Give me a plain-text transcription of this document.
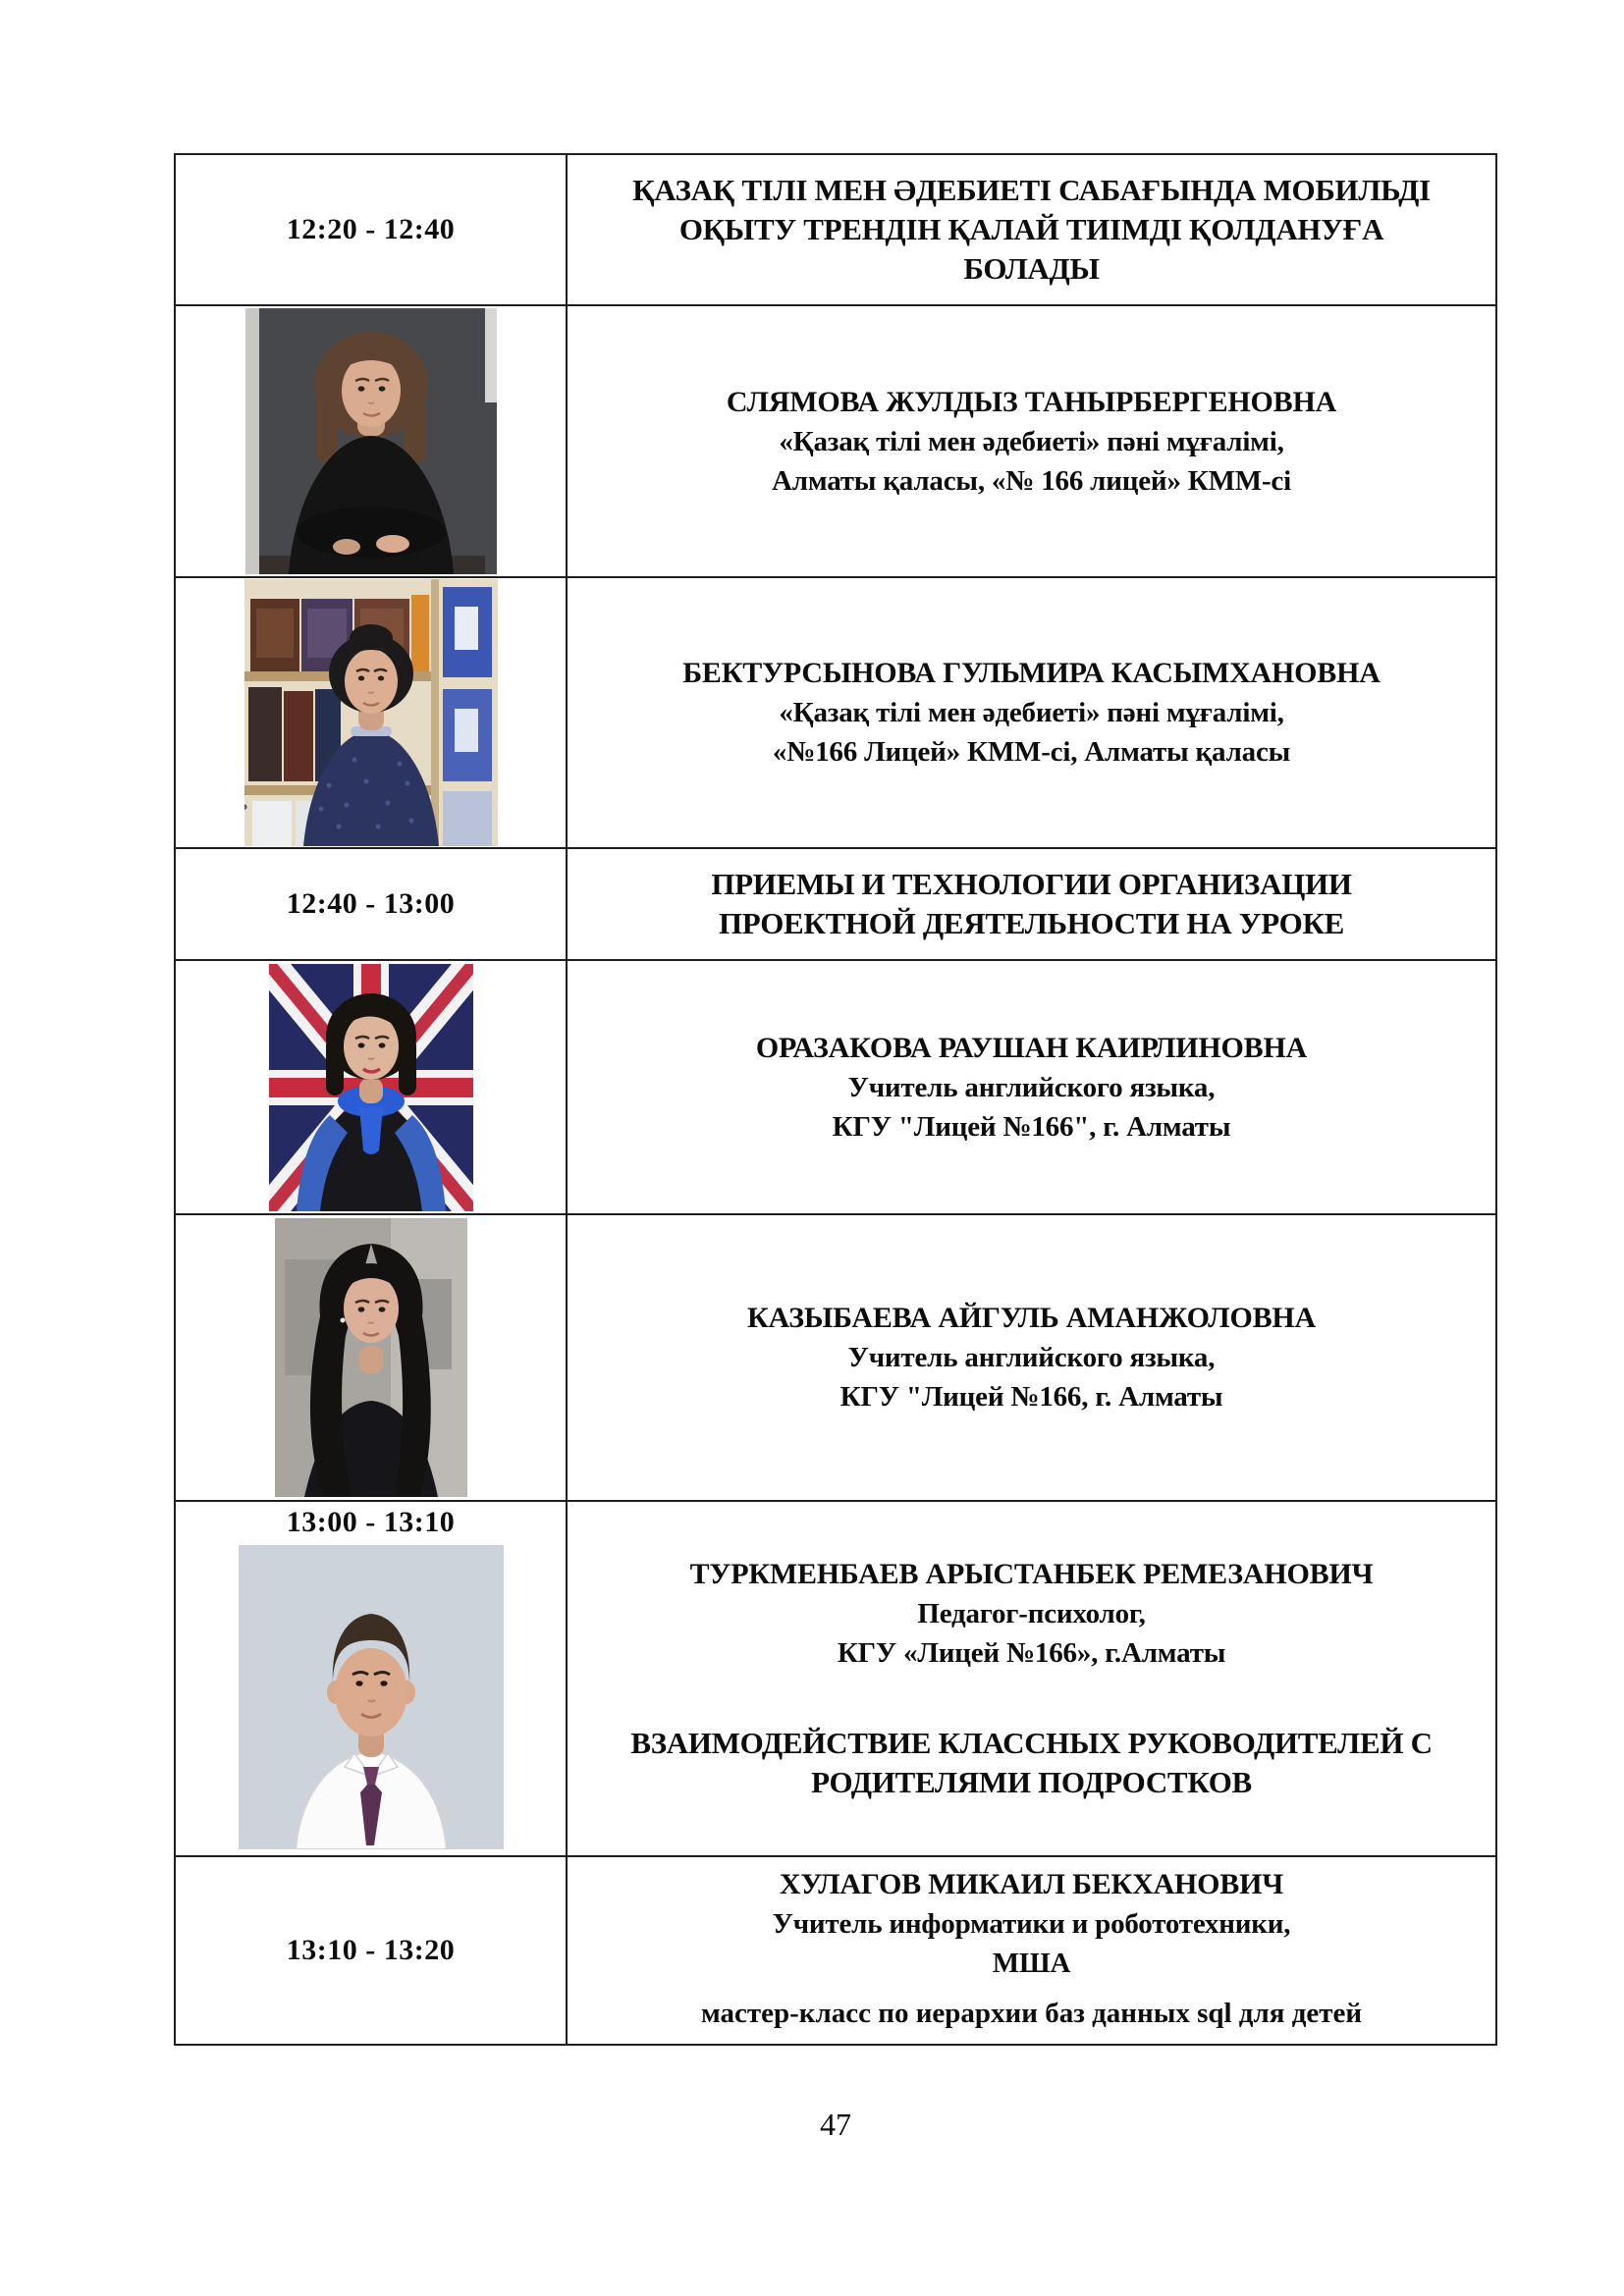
12:20 - 12:40
ҚАЗАҚ ТІЛІ МЕН ӘДЕБИЕТІ САБАҒЫНДА МОБИЛЬДІ ОҚЫТУ ТРЕНДІН ҚАЛАЙ ТИІМДІ ҚОЛДАНУҒА БОЛАДЫ
СЛЯМОВА ЖУЛДЫЗ ТАНЫРБЕРГЕНОВНА
«Қазақ тілі мен әдебиеті» пәні мұғалімі,
Алматы қаласы, «№ 166 лицей» КММ-сі
БЕКТУРСЫНОВА ГУЛЬМИРА КАСЫМХАНОВНА
«Қазақ тілі мен әдебиеті» пәні мұғалімі,
«№166 Лицей» КММ-сі, Алматы қаласы
12:40 - 13:00
ПРИЕМЫ И ТЕХНОЛОГИИ ОРГАНИЗАЦИИ ПРОЕКТНОЙ ДЕЯТЕЛЬНОСТИ НА УРОКЕ
ОРАЗАКОВА РАУШАН КАИРЛИНОВНА
Учитель английского языка,
КГУ "Лицей №166", г. Алматы
КАЗЫБАЕВА АЙГУЛЬ АМАНЖОЛОВНА
Учитель английского языка,
КГУ "Лицей №166, г. Алматы
13:00 - 13:10
ТУРКМЕНБАЕВ АРЫСТАНБЕК РЕМЕЗАНОВИЧ
Педагог-психолог,
КГУ «Лицей №166», г.Алматы
ВЗАИМОДЕЙСТВИЕ КЛАССНЫХ РУКОВОДИТЕЛЕЙ С РОДИТЕЛЯМИ ПОДРОСТКОВ
13:10 - 13:20
ХУЛАГОВ МИКАИЛ БЕКХАНОВИЧ
Учитель информатики и робототехники,
МША
мастер-класс по иерархии баз данных sql для детей
47
